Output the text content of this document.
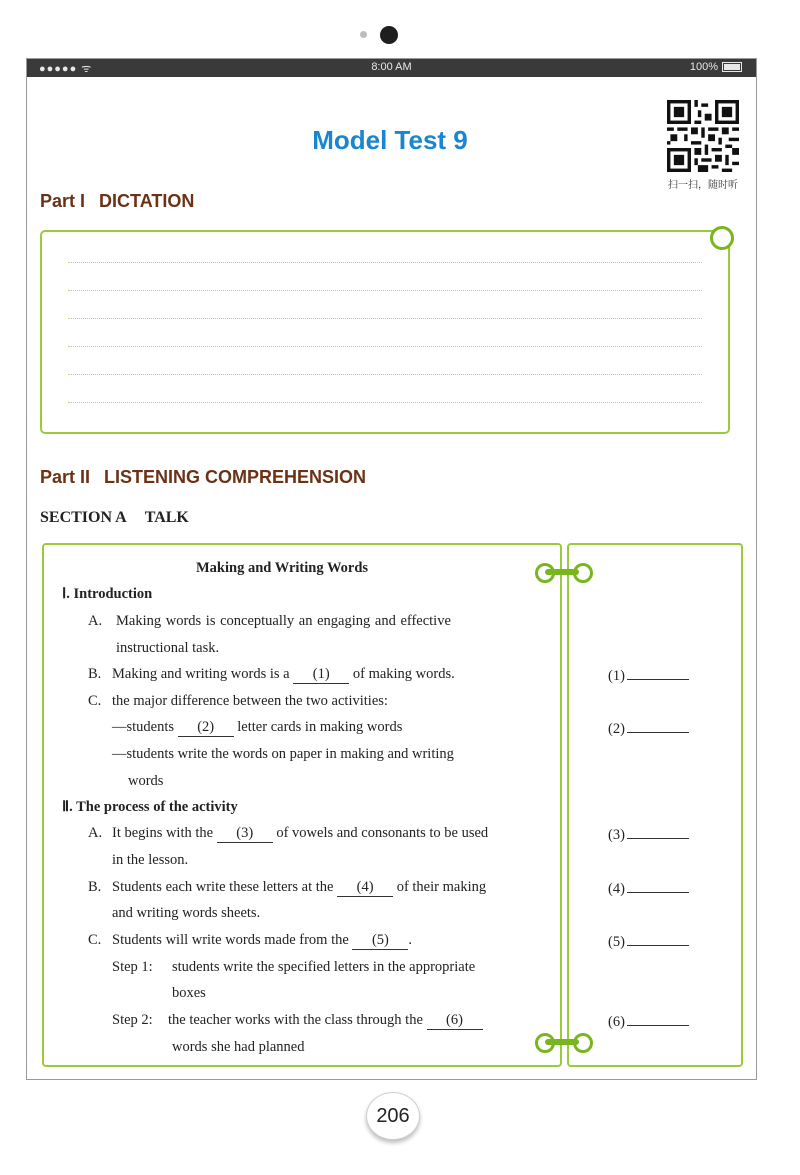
●●●●● ᯤ	8:00 AM	100%
Model Test 9
扫一扫，随时听
Part I DICTATION
Part II LISTENING COMPREHENSION
SECTION A TALK
Making and Writing Words
Ⅰ. Introduction
A. Making words is conceptually an engaging and effective
instructional task.
B. Making and writing words is a (1) of making words.
C. the major difference between the two activities:
—students (2) letter cards in making words
—students write the words on paper in making and writing
words
Ⅱ. The process of the activity
A. It begins with the (3) of vowels and consonants to be used
in the lesson.
B. Students each write these letters at the (4) of their making
and writing words sheets.
C. Students will write words made from the (5) .
Step 1: students write the specified letters in the appropriate
boxes
Step 2: the teacher works with the class through the (6)
words she had planned
(1)
(2)
(3)
(4)
(5)
(6)
206
